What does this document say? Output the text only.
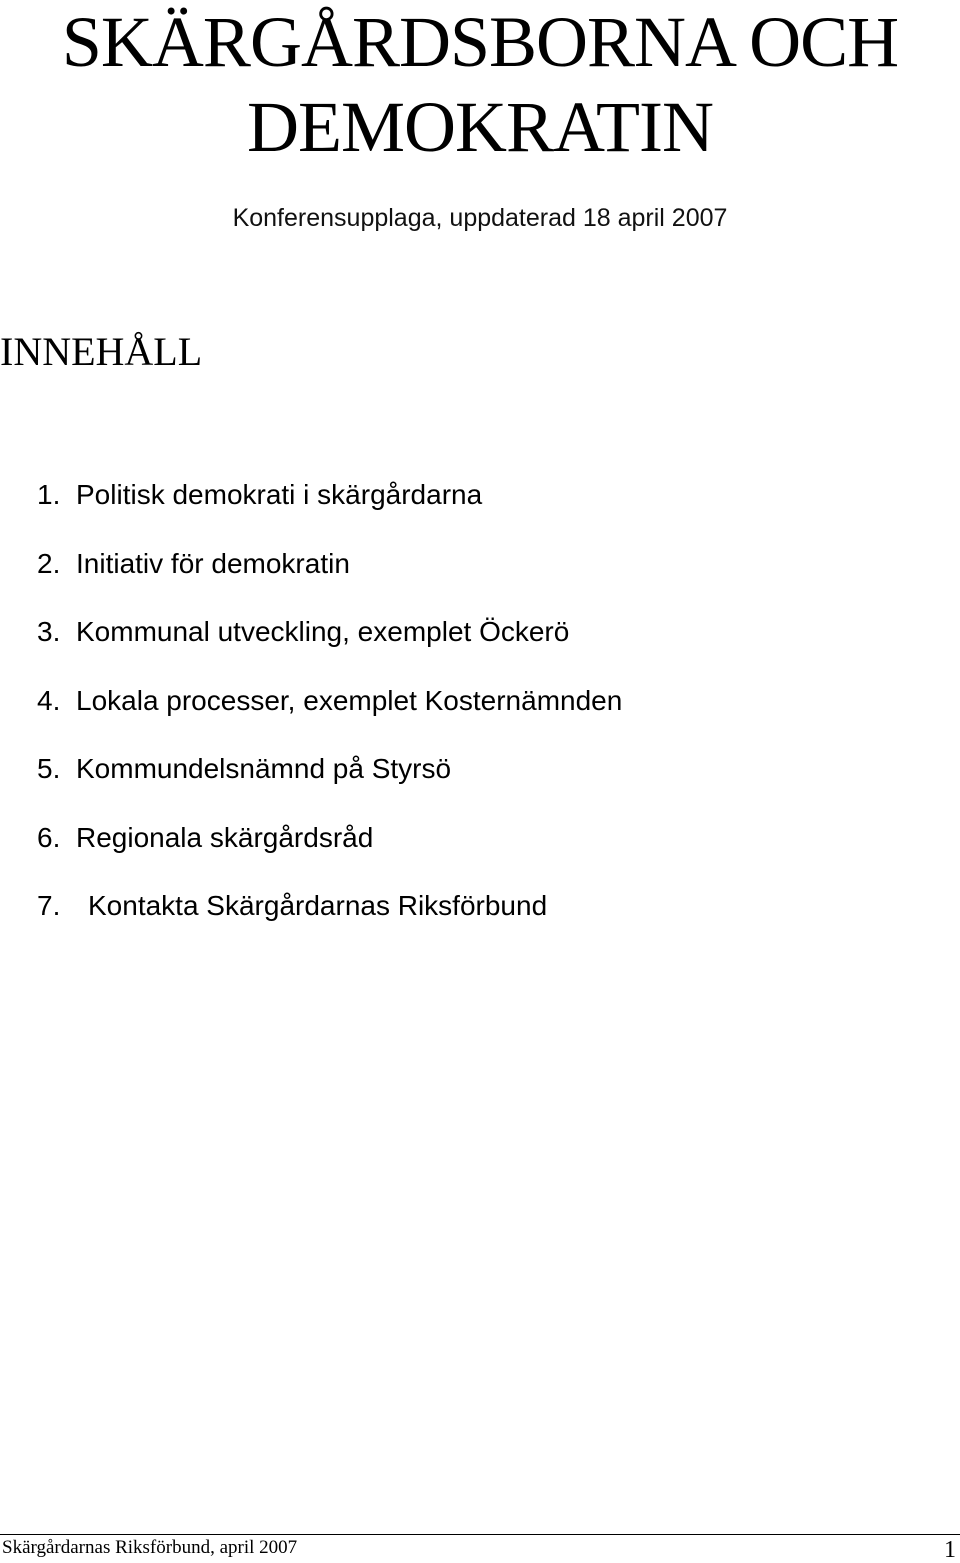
SKÄRGÅRDSBORNA OCH
DEMOKRATIN
Konferensupplaga, uppdaterad 18 april 2007
INNEHÅLL
1. Politisk demokrati i skärgårdarna
2. Initiativ för demokratin
3. Kommunal utveckling, exemplet Öckerö
4. Lokala processer, exemplet Kosternämnden
5. Kommundelsnämnd på Styrsö
6. Regionala skärgårdsråd
7. Kontakta Skärgårdarnas Riksförbund
Skärgårdarnas Riksförbund, april 2007	1
